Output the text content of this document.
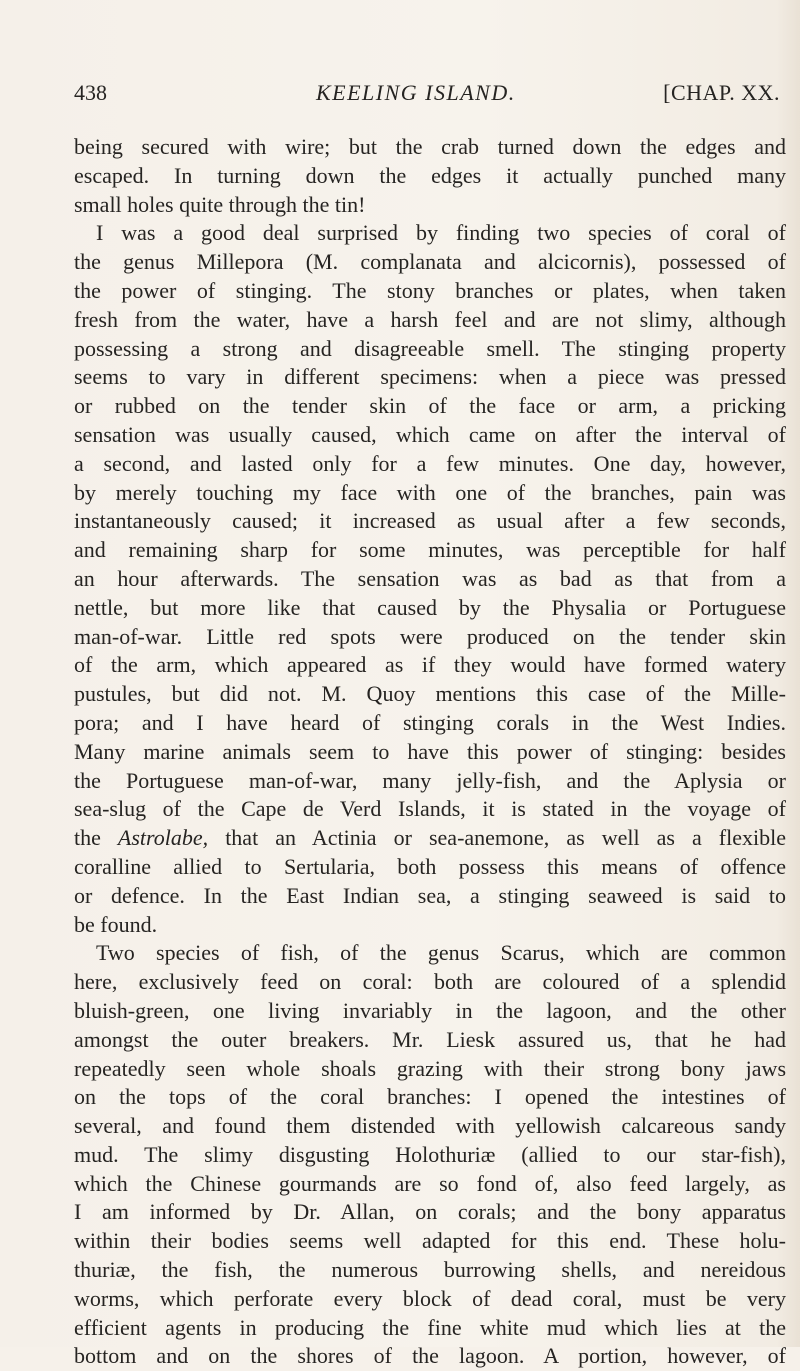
438	KEELING ISLAND.	[CHAP. XX.
being secured with wire; but the crab turned down the edges and
escaped. In turning down the edges it actually punched many
small holes quite through the tin!
I was a good deal surprised by finding two species of coral of
the genus Millepora (M. complanata and alcicornis), possessed of
the power of stinging. The stony branches or plates, when taken
fresh from the water, have a harsh feel and are not slimy, although
possessing a strong and disagreeable smell. The stinging property
seems to vary in different specimens: when a piece was pressed
or rubbed on the tender skin of the face or arm, a pricking
sensation was usually caused, which came on after the interval of
a second, and lasted only for a few minutes. One day, however,
by merely touching my face with one of the branches, pain was
instantaneously caused; it increased as usual after a few seconds,
and remaining sharp for some minutes, was perceptible for half
an hour afterwards. The sensation was as bad as that from a
nettle, but more like that caused by the Physalia or Portuguese
man-of-war. Little red spots were produced on the tender skin
of the arm, which appeared as if they would have formed watery
pustules, but did not. M. Quoy mentions this case of the Mille-
pora; and I have heard of stinging corals in the West Indies.
Many marine animals seem to have this power of stinging: besides
the Portuguese man-of-war, many jelly-fish, and the Aplysia or
sea-slug of the Cape de Verd Islands, it is stated in the voyage of
the Astrolabe, that an Actinia or sea-anemone, as well as a flexible
coralline allied to Sertularia, both possess this means of offence
or defence. In the East Indian sea, a stinging seaweed is said to
be found.
Two species of fish, of the genus Scarus, which are common
here, exclusively feed on coral: both are coloured of a splendid
bluish-green, one living invariably in the lagoon, and the other
amongst the outer breakers. Mr. Liesk assured us, that he had
repeatedly seen whole shoals grazing with their strong bony jaws
on the tops of the coral branches: I opened the intestines of
several, and found them distended with yellowish calcareous sandy
mud. The slimy disgusting Holothuriæ (allied to our star-fish),
which the Chinese gourmands are so fond of, also feed largely, as
I am informed by Dr. Allan, on corals; and the bony apparatus
within their bodies seems well adapted for this end. These holu-
thuriæ, the fish, the numerous burrowing shells, and nereidous
worms, which perforate every block of dead coral, must be very
efficient agents in producing the fine white mud which lies at the
bottom and on the shores of the lagoon. A portion, however, of
